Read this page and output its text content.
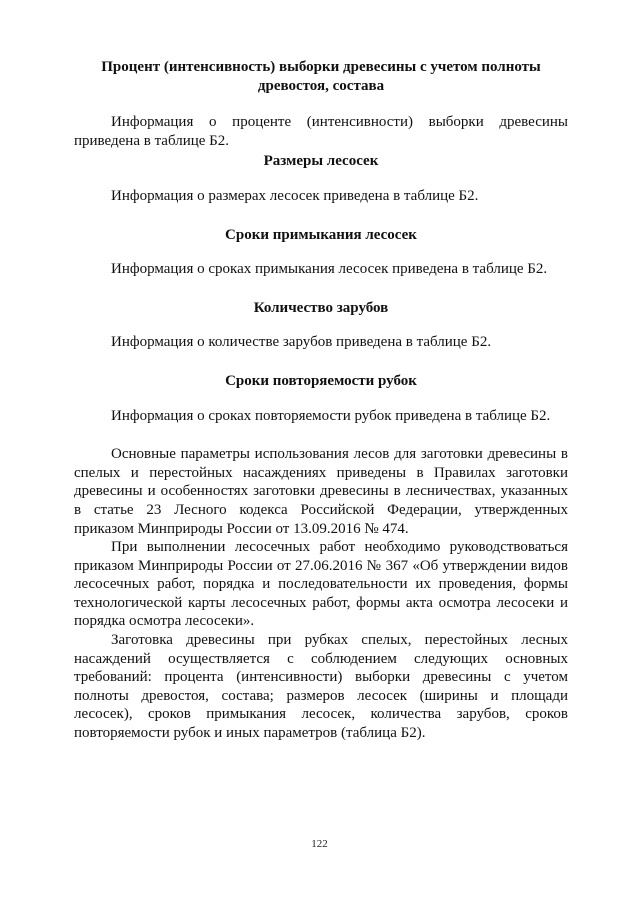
Процент (интенсивность) выборки древесины с учетом полноты древостоя, состава

Информация о проценте (интенсивности) выборки древесины приведена в таблице Б2.

Размеры лесосек

Информация о размерах лесосек приведена в таблице Б2.

Сроки примыкания лесосек

Информация о сроках примыкания лесосек приведена в таблице Б2.

Количество зарубов

Информация о количестве зарубов приведена в таблице Б2.

Сроки повторяемости рубок

Информация о сроках повторяемости рубок приведена в таблице Б2.

Основные параметры использования лесов для заготовки древесины в спелых и перестойных насаждениях приведены в Правилах заготовки древесины и особенностях заготовки древесины в лесничествах, указанных в статье 23 Лесного кодекса Российской Федерации, утвержденных приказом Минприроды России от 13.09.2016 № 474.

При выполнении лесосечных работ необходимо руководствоваться приказом Минприроды России от 27.06.2016 № 367 «Об утверждении видов лесосечных работ, порядка и последовательности их проведения, формы технологической карты лесосечных работ, формы акта осмотра лесосеки и порядка осмотра лесосеки».

Заготовка древесины при рубках спелых, перестойных лесных насаждений осуществляется с соблюдением следующих основных требований: процента (интенсивности) выборки древесины с учетом полноты древостоя, состава; размеров лесосек (ширины и площади лесосек), сроков примыкания лесосек, количества зарубов, сроков повторяемости рубок и иных параметров (таблица Б2).

122
